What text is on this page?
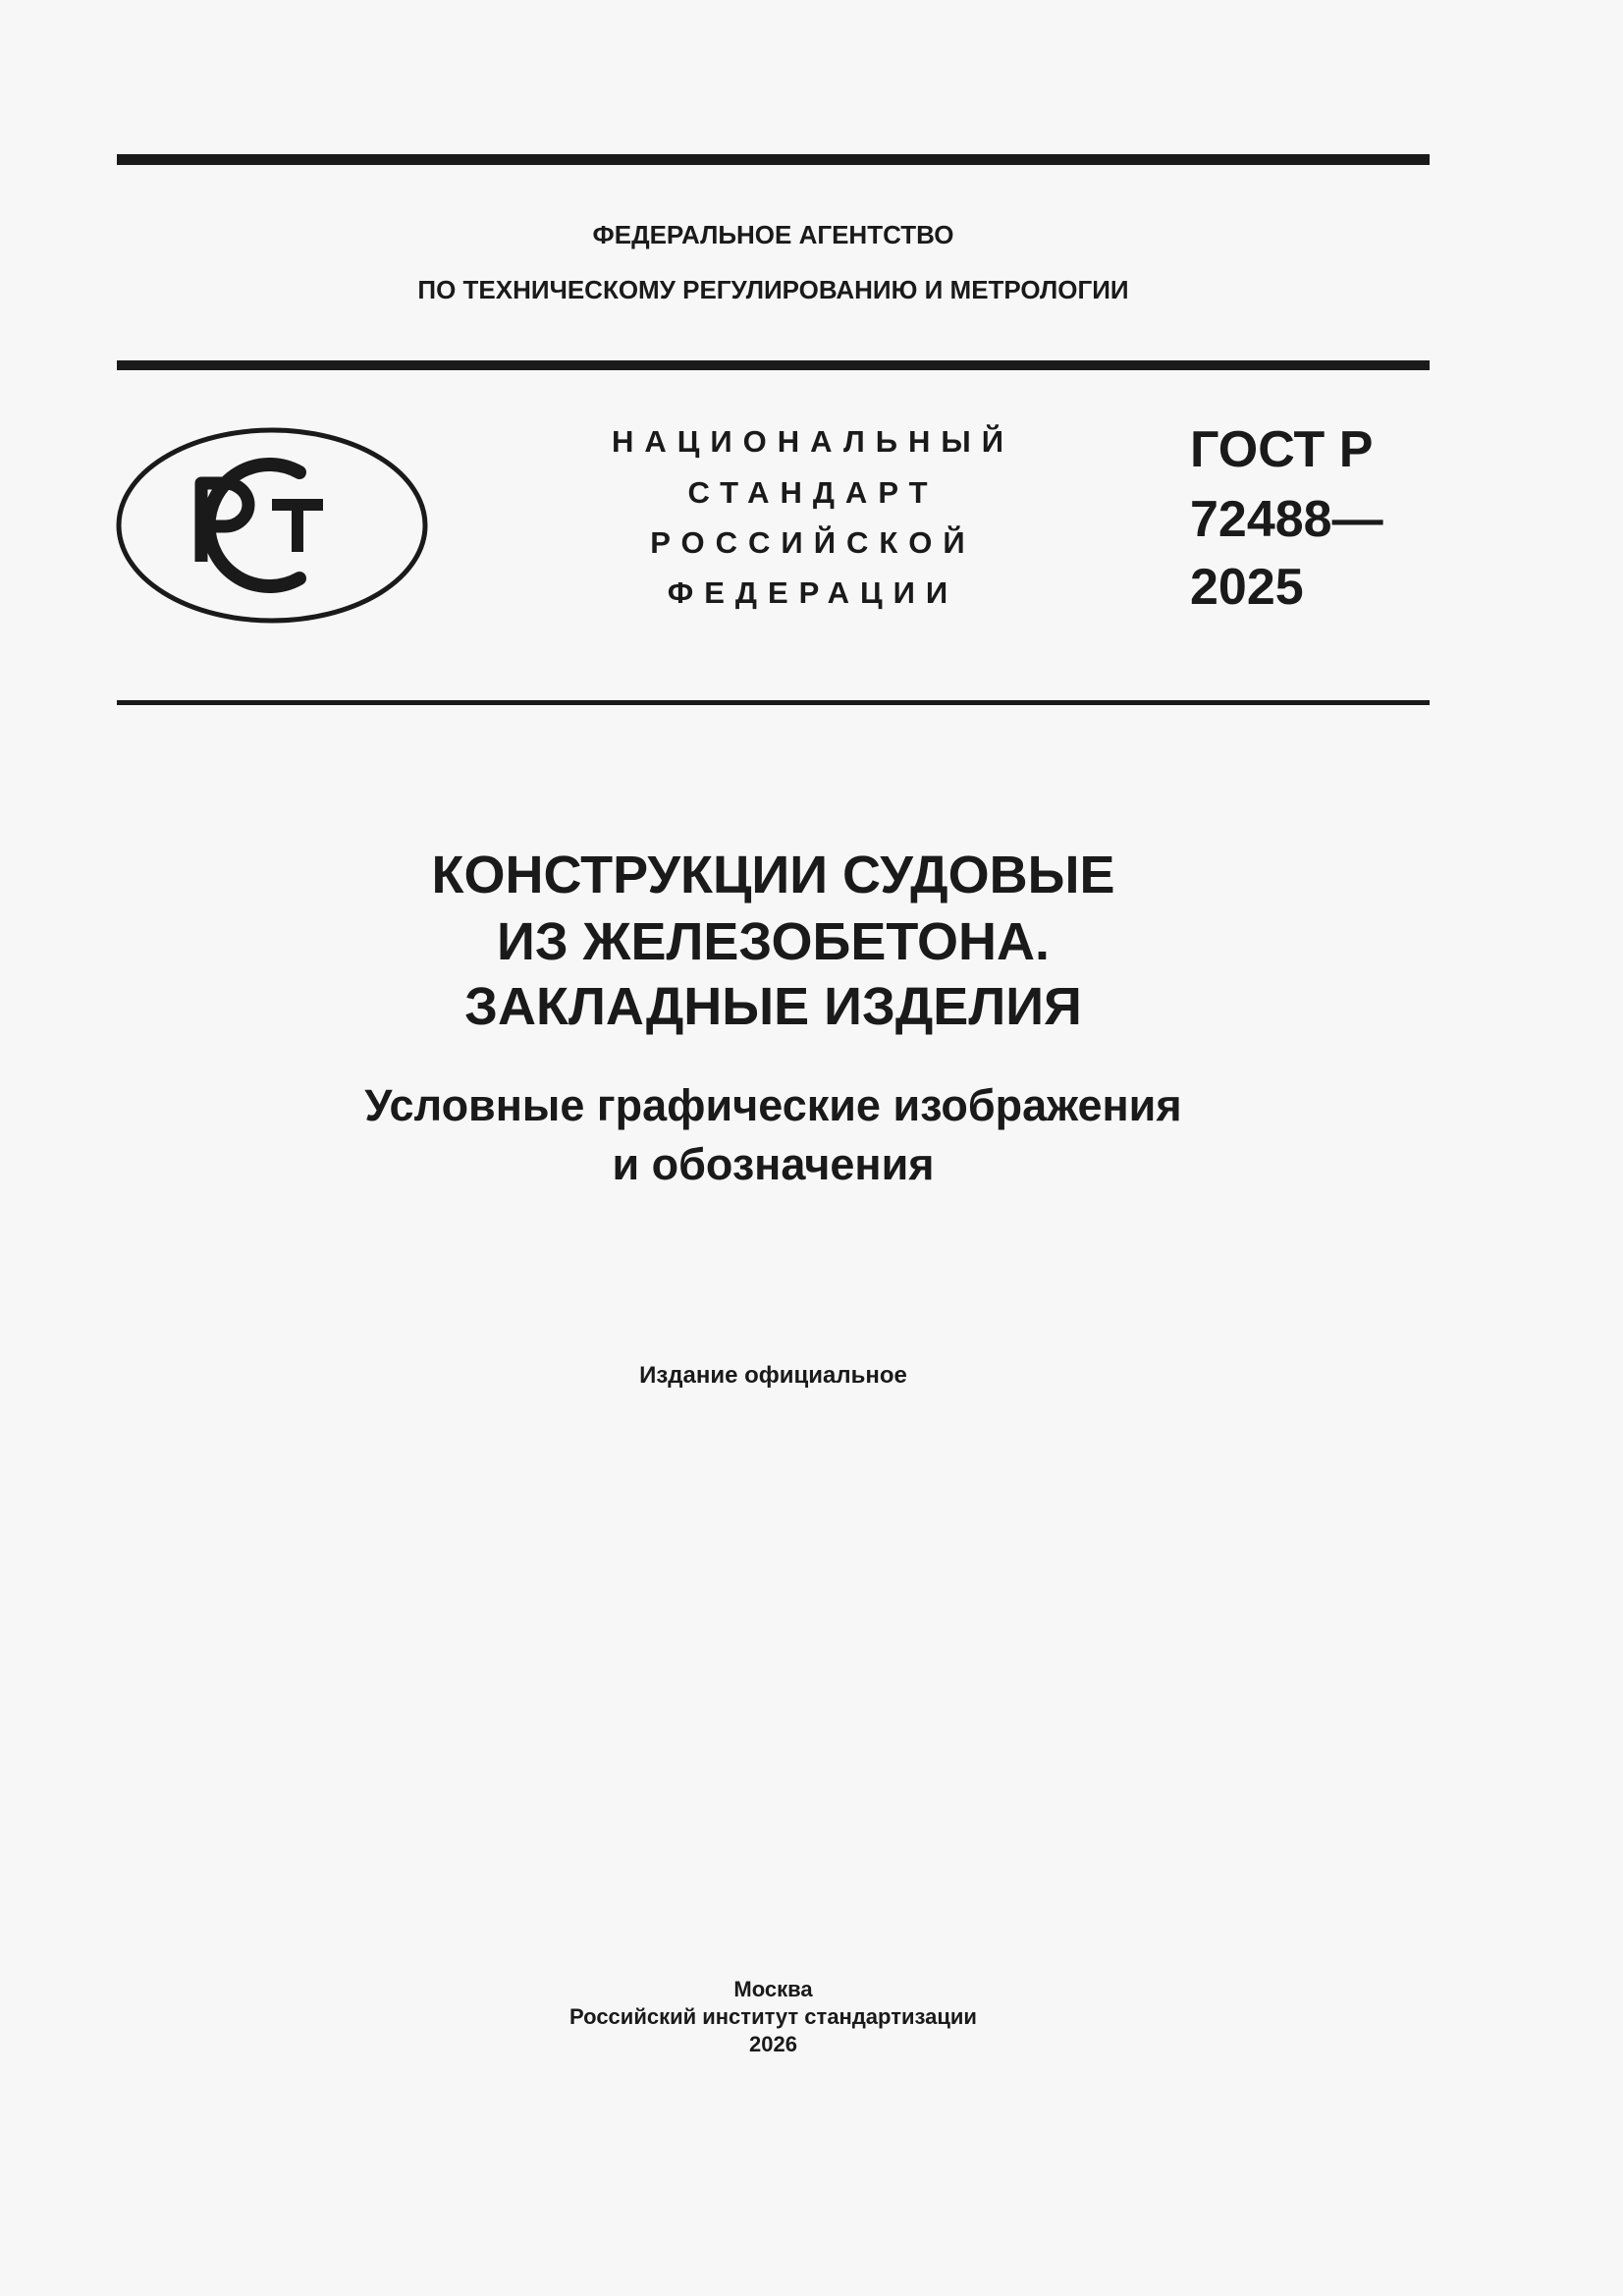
ФЕДЕРАЛЬНОЕ АГЕНТСТВО
ПО ТЕХНИЧЕСКОМУ РЕГУЛИРОВАНИЮ И МЕТРОЛОГИИ
НАЦИОНАЛЬНЫЙ
СТАНДАРТ
РОССИЙСКОЙ
ФЕДЕРАЦИИ
ГОСТ Р
72488—
2025
КОНСТРУКЦИИ СУДОВЫЕ
ИЗ ЖЕЛЕЗОБЕТОНА.
ЗАКЛАДНЫЕ ИЗДЕЛИЯ
Условные графические изображения
и обозначения
Издание официальное
Москва
Российский институт стандартизации
2026
